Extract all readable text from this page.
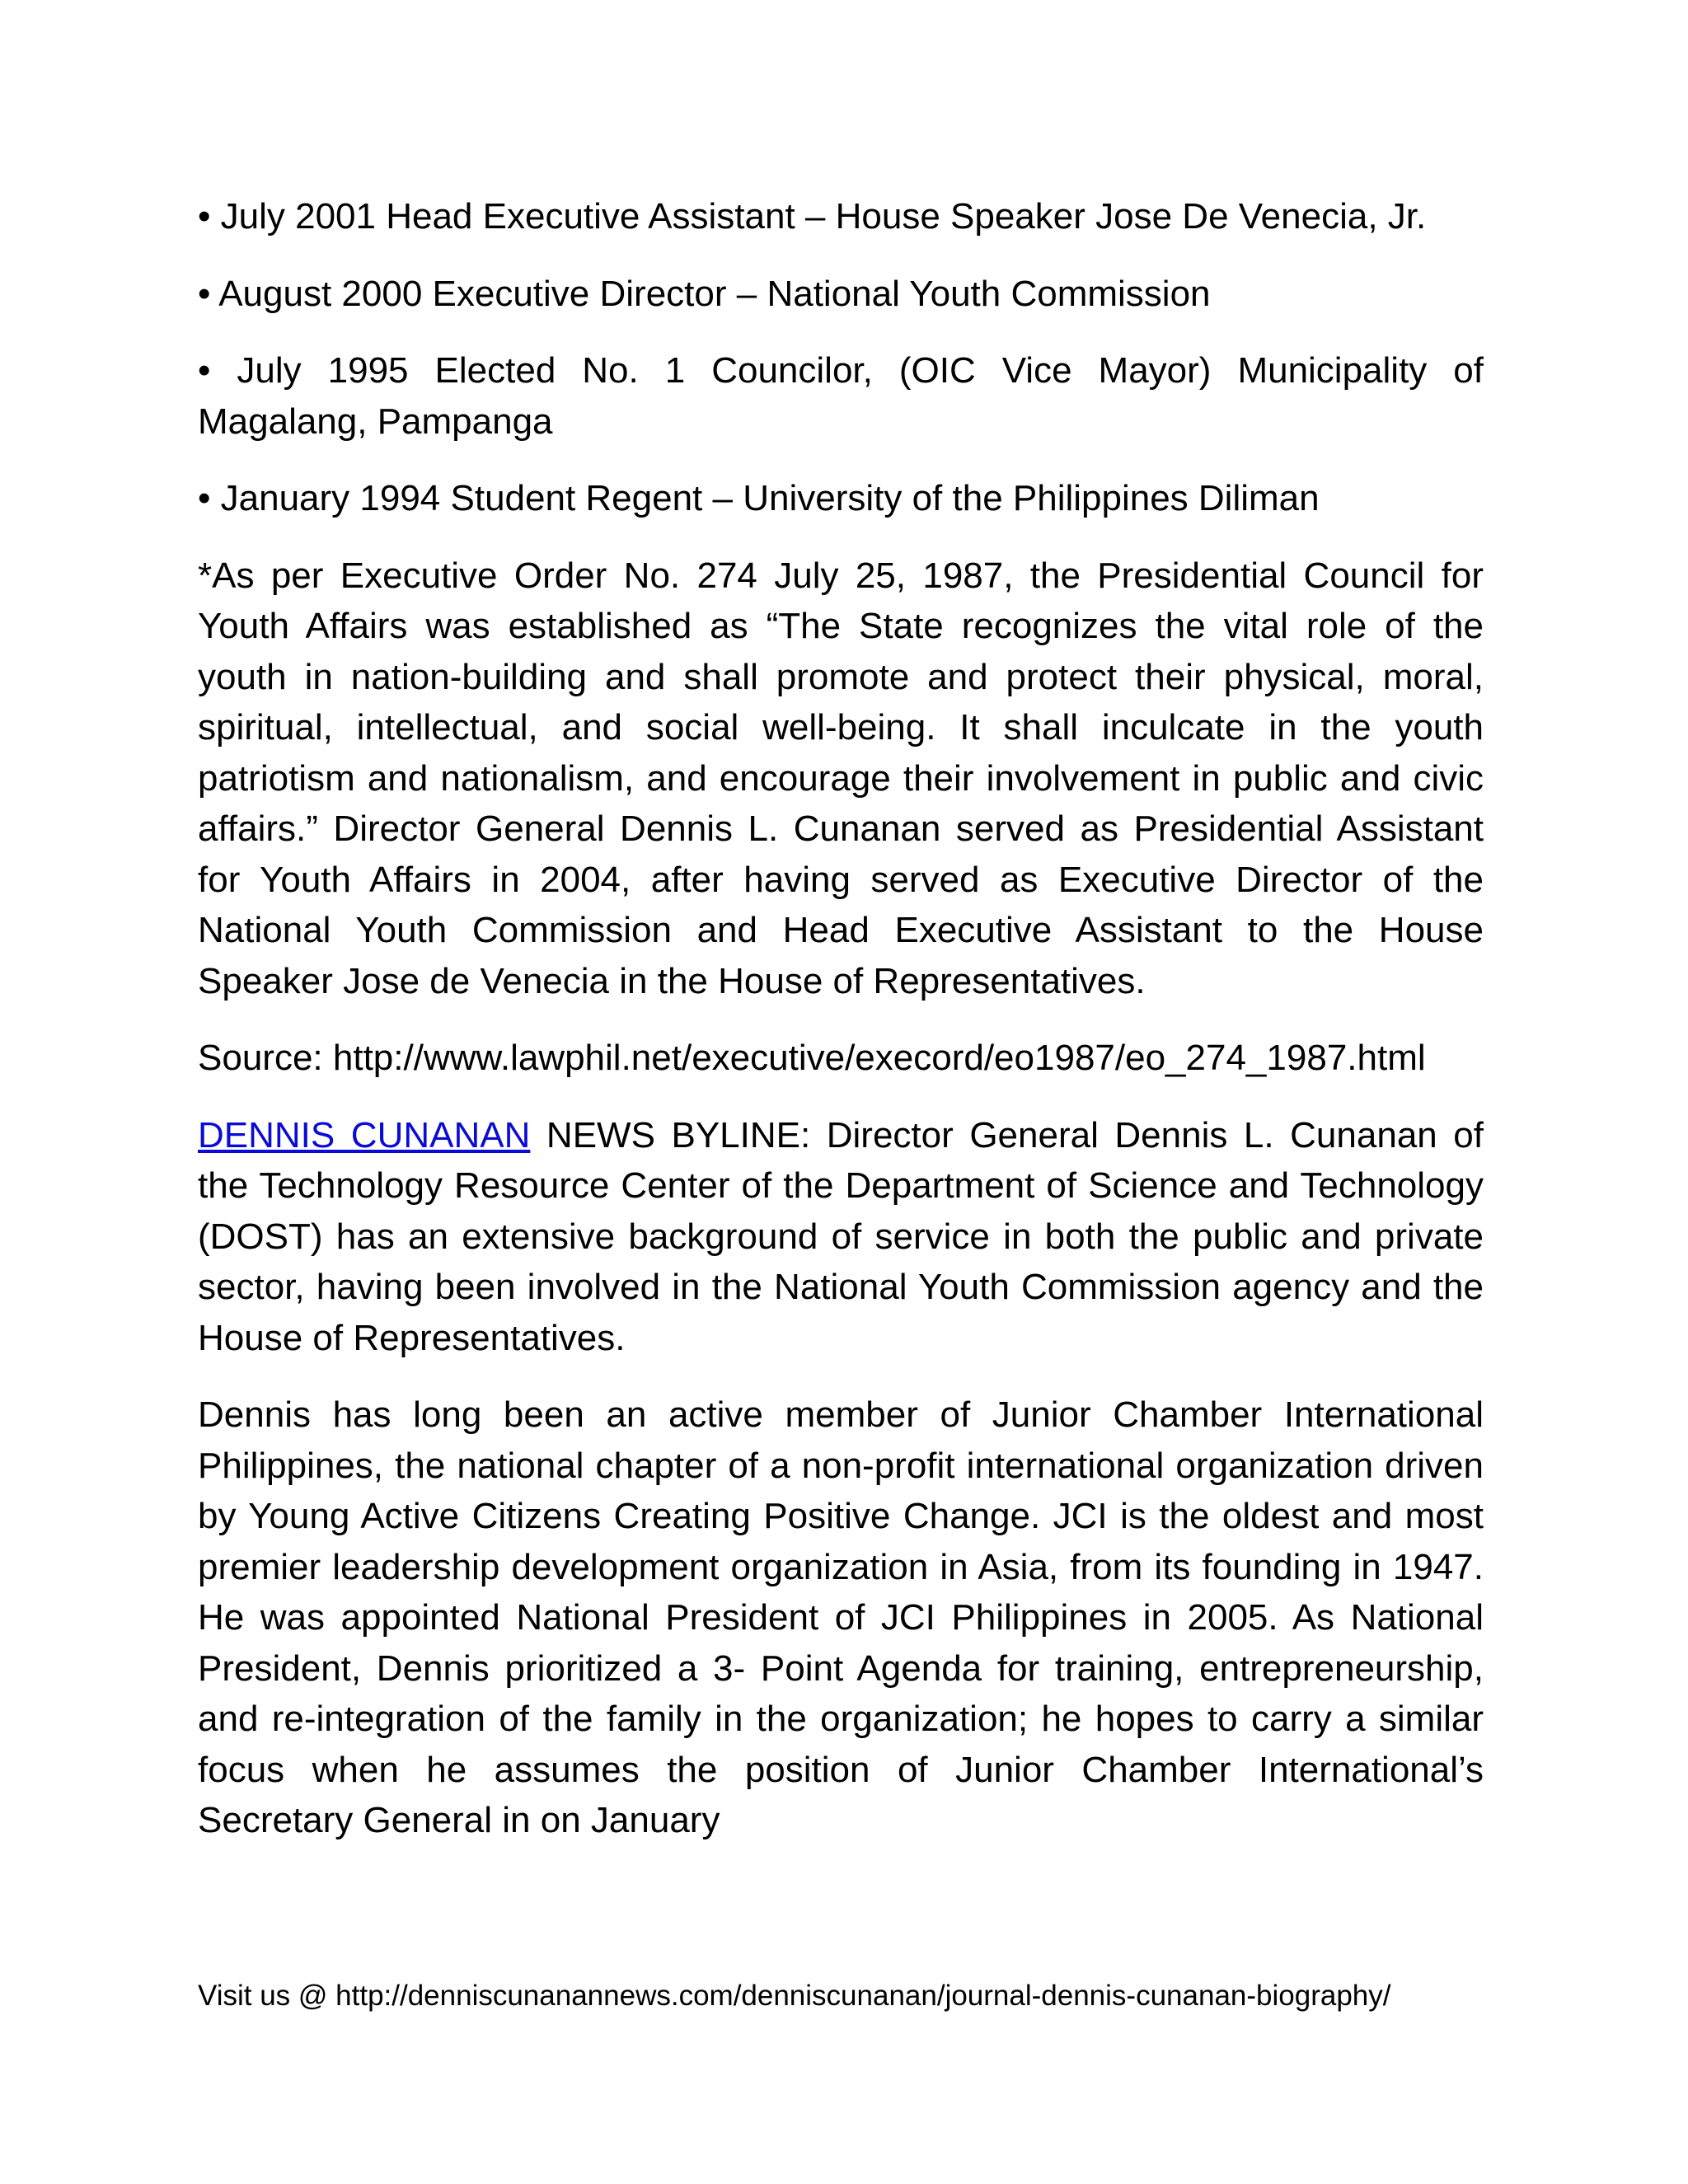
• July 2001 Head Executive Assistant – House Speaker Jose De Venecia, Jr.

• August 2000 Executive Director – National Youth Commission

• July 1995 Elected No. 1 Councilor, (OIC Vice Mayor) Municipality of Magalang, Pampanga

• January 1994 Student Regent – University of the Philippines Diliman

*As per Executive Order No. 274 July 25, 1987, the Presidential Council for Youth Affairs was established as “The State recognizes the vital role of the youth in nation-building and shall promote and protect their physical, moral, spiritual, intellectual, and social well-being. It shall inculcate in the youth patriotism and nationalism, and encourage their involvement in public and civic affairs.” Director General Dennis L. Cunanan served as Presidential Assistant for Youth Affairs in 2004, after having served as Executive Director of the National Youth Commission and Head Executive Assistant to the House Speaker Jose de Venecia in the House of Representatives.

Source: http://www.lawphil.net/executive/execord/eo1987/eo_274_1987.html

DENNIS CUNANAN NEWS BYLINE: Director General Dennis L. Cunanan of the Technology Resource Center of the Department of Science and Technology (DOST) has an extensive background of service in both the public and private sector, having been involved in the National Youth Commission agency and the House of Representatives.

Dennis has long been an active member of Junior Chamber International Philippines, the national chapter of a non-profit international organization driven by Young Active Citizens Creating Positive Change. JCI is the oldest and most premier leadership development organization in Asia, from its founding in 1947. He was appointed National President of JCI Philippines in 2005. As National President, Dennis prioritized a 3- Point Agenda for training, entrepreneurship, and re-integration of the family in the organization; he hopes to carry a similar focus when he assumes the position of Junior Chamber International’s Secretary General in on January

Visit us @ http://denniscunanannews.com/denniscunanan/journal-dennis-cunanan-biography/
